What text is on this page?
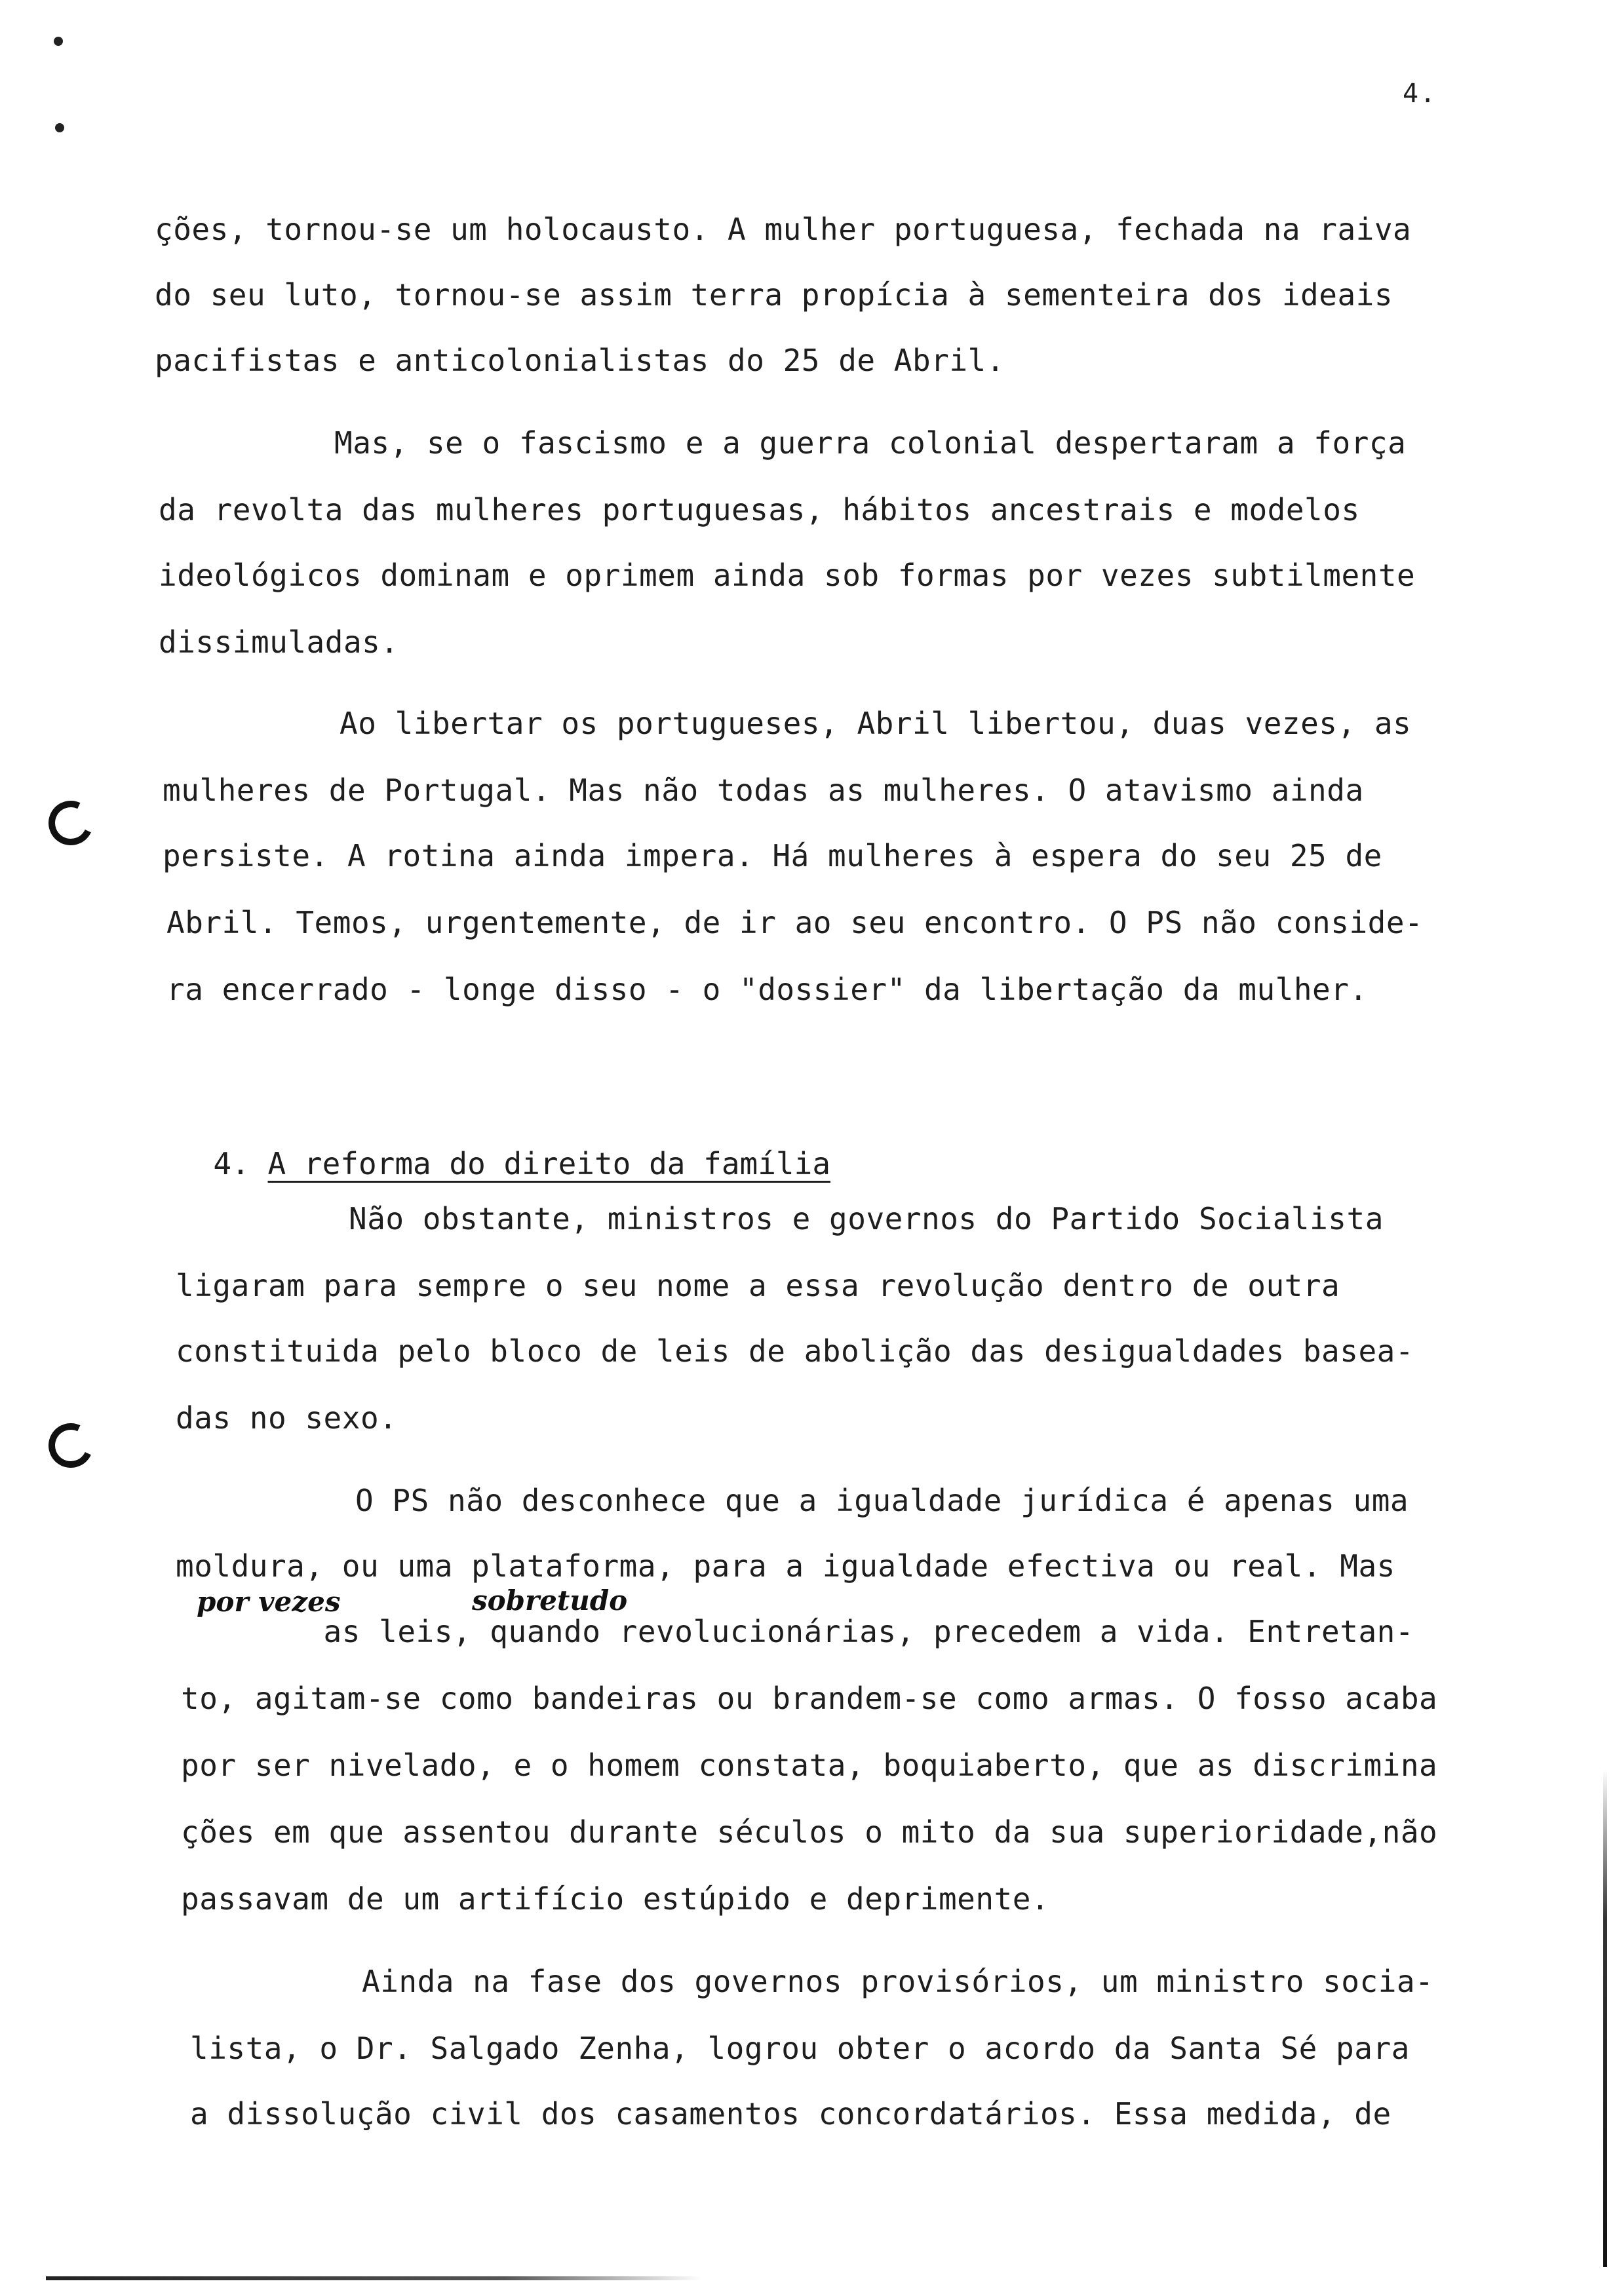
4.
ções, tornou-se um holocausto. A mulher portuguesa, fechada na raiva
do seu luto, tornou-se assim terra propícia à sementeira dos ideais
pacifistas e anticolonialistas do 25 de Abril.
Mas, se o fascismo e a guerra colonial despertaram a força
da revolta das mulheres portuguesas, hábitos ancestrais e modelos
ideológicos dominam e oprimem ainda sob formas por vezes subtilmente
dissimuladas.
Ao libertar os portugueses, Abril libertou, duas vezes, as
mulheres de Portugal. Mas não todas as mulheres. O atavismo ainda
persiste. A rotina ainda impera. Há mulheres à espera do seu 25 de
Abril. Temos, urgentemente, de ir ao seu encontro. O PS não conside-
ra encerrado - longe disso - o "dossier" da libertação da mulher.

4. A reforma do direito da família

Não obstante, ministros e governos do Partido Socialista
ligaram para sempre o seu nome a essa revolução dentro de outra
constituida pelo bloco de leis de abolição das desigualdades basea-
das no sexo.
O PS não desconhece que a igualdade jurídica é apenas uma
moldura, ou uma plataforma, para a igualdade efectiva ou real. Mas
as leis, quando revolucionárias, precedem a vida. Entretan-
to, agitam-se como bandeiras ou brandem-se como armas. O fosso acaba
por ser nivelado, e o homem constata, boquiaberto, que as discrimina
ções em que assentou durante séculos o mito da sua superioridade,não
passavam de um artifício estúpido e deprimente.
Ainda na fase dos governos provisórios, um ministro socia-
lista, o Dr. Salgado Zenha, logrou obter o acordo da Santa Sé para
a dissolução civil dos casamentos concordatários. Essa medida, de
por vezes	sobretudo
